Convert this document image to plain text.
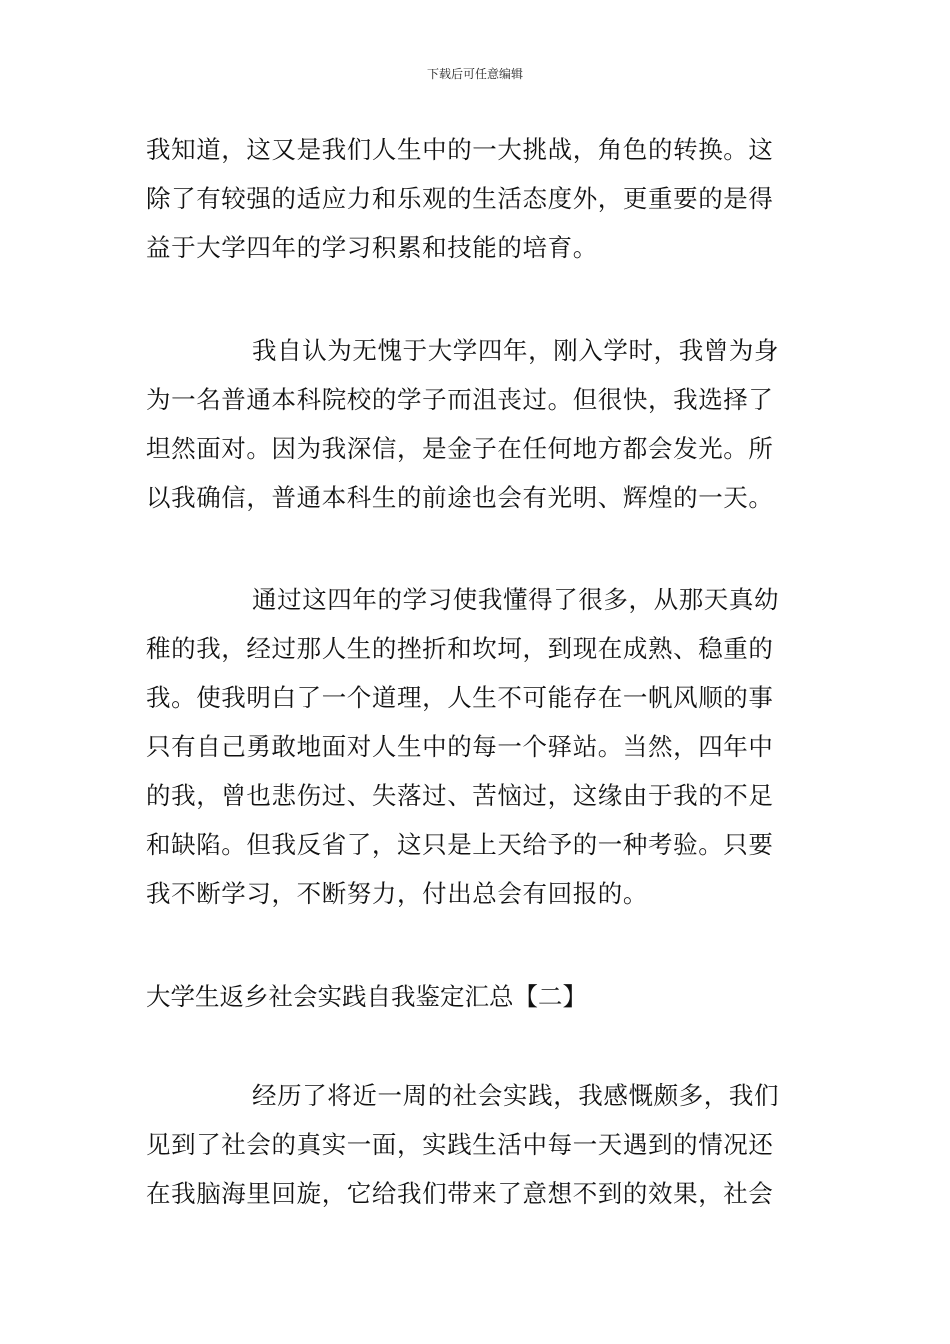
下载后可任意编辑
我知道，这又是我们人生中的一大挑战，角色的转换。这
除了有较强的适应力和乐观的生活态度外，更重要的是得
益于大学四年的学习积累和技能的培育。
我自认为无愧于大学四年，刚入学时，我曾为身
为一名普通本科院校的学子而沮丧过。但很快，我选择了
坦然面对。因为我深信，是金子在任何地方都会发光。所
以我确信，普通本科生的前途也会有光明、辉煌的一天。
通过这四年的学习使我懂得了很多，从那天真幼
稚的我，经过那人生的挫折和坎坷，到现在成熟、稳重的
我。使我明白了一个道理，人生不可能存在一帆风顺的事
只有自己勇敢地面对人生中的每一个驿站。当然，四年中
的我，曾也悲伤过、失落过、苦恼过，这缘由于我的不足
和缺陷。但我反省了，这只是上天给予的一种考验。只要
我不断学习，不断努力，付出总会有回报的。
大学生返乡社会实践自我鉴定汇总【二】
经历了将近一周的社会实践，我感慨颇多，我们
见到了社会的真实一面，实践生活中每一天遇到的情况还
在我脑海里回旋，它给我们带来了意想不到的效果，社会
